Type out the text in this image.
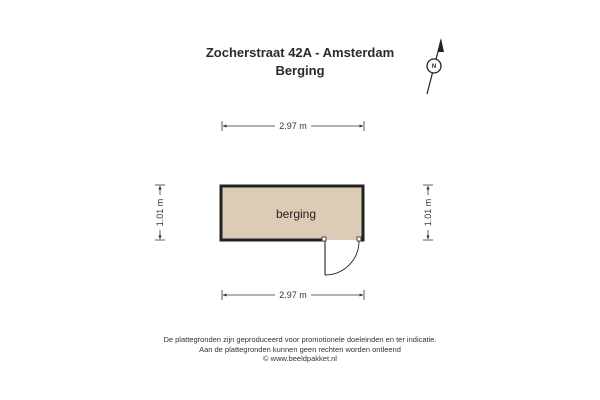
Zocherstraat 42A - Amsterdam
Berging	N
2.97 m
2.97 m
1.01 m	1.01 m
berging
De plattegronden zijn geproduceerd voor promotionele doeleinden en ter indicatie.
Aan de plattegronden kunnen geen rechten worden ontleend
© www.beeldpakket.nl
